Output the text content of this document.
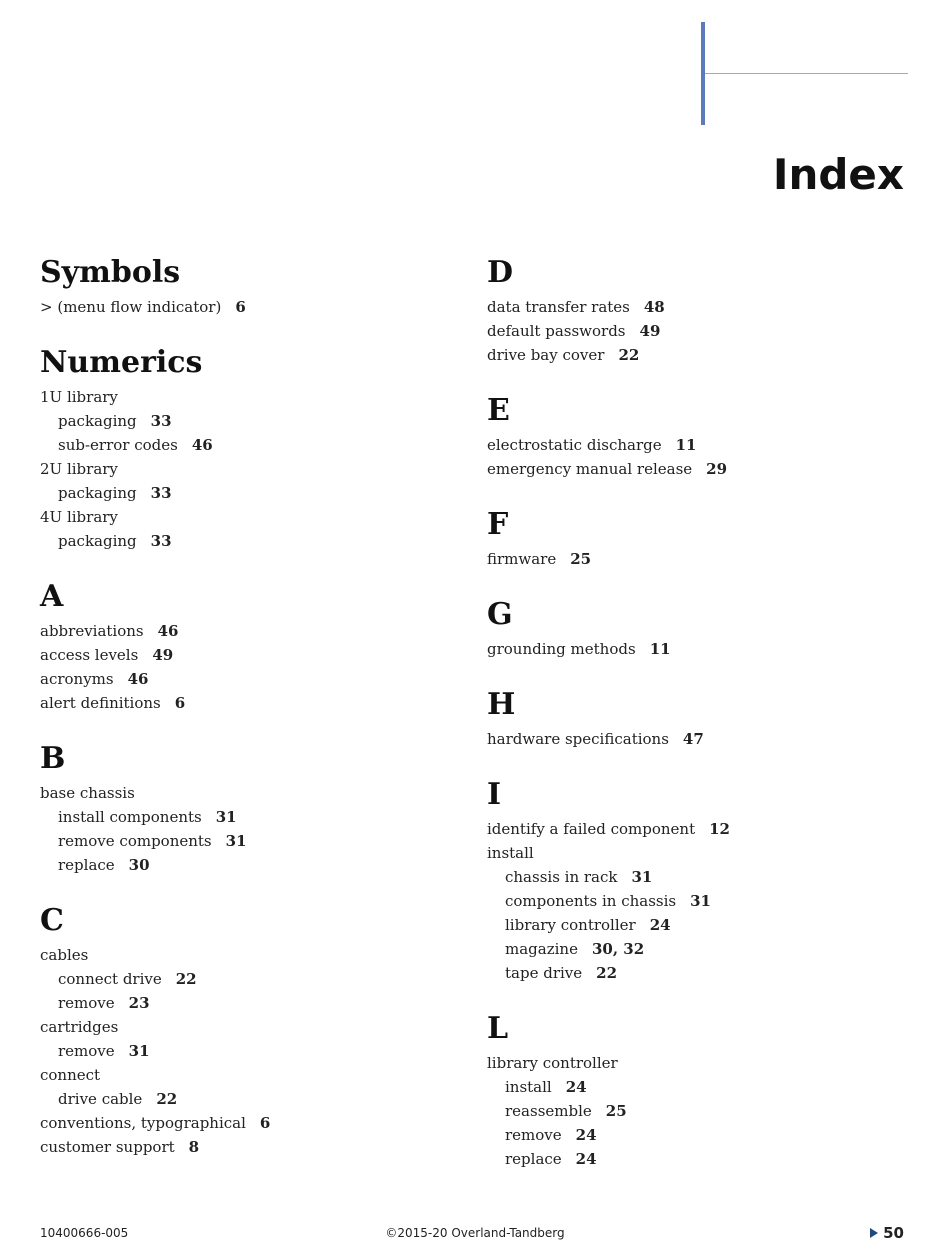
Index
Symbols
> (menu flow indicator) 6
Numerics
1U library
packaging 33
sub-error codes 46
2U library
packaging 33
4U library
packaging 33
A
abbreviations 46
access levels 49
acronyms 46
alert definitions 6
B
base chassis
install components 31
remove components 31
replace 30
C
cables
connect drive 22
remove 23
cartridges
remove 31
connect
drive cable 22
conventions, typographical 6
customer support 8
D
data transfer rates 48
default passwords 49
drive bay cover 22
E
electrostatic discharge 11
emergency manual release 29
F
firmware 25
G
grounding methods 11
H
hardware specifications 47
I
identify a failed component 12
install
chassis in rack 31
components in chassis 31
library controller 24
magazine 30, 32
tape drive 22
L
library controller
install 24
reassemble 25
remove 24
replace 24
10400666-005	©2015-20 Overland-Tandberg	50
